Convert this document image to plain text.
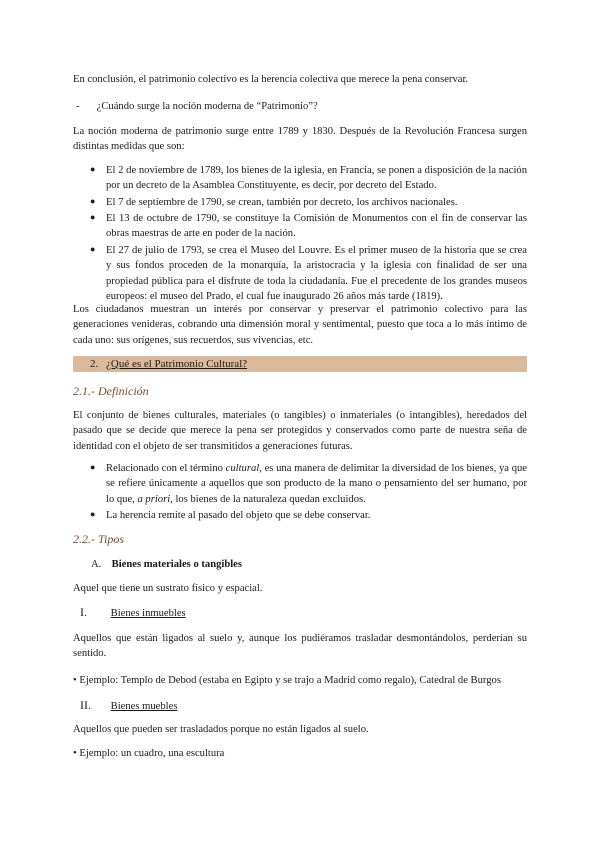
En conclusión, el patrimonio colectivo es la herencia colectiva que merece la pena conservar.

- ¿Cuándo surge la noción moderna de “Patrimonio”?

La noción moderna de patrimonio surge entre 1789 y 1830. Después de la Revolución Francesa surgen distintas medidas que son:

● El 2 de noviembre de 1789, los bienes de la iglesia, en Francia, se ponen a disposición de la nación por un decreto de la Asamblea Constituyente, es decir, por decreto del Estado.
● El 7 de septiembre de 1790, se crean, también por decreto, los archivos nacionales.
● El 13 de octubre de 1790, se constituye la Comisión de Monumentos con el fin de conservar las obras maestras de arte en poder de la nación.
● El 27 de julio de 1793, se crea el Museo del Louvre. Es el primer museo de la historia que se crea y sus fondos proceden de la monarquía, la aristocracia y la iglesia con finalidad de ser una propiedad pública para el disfrute de toda la ciudadanía. Fue el precedente de los grandes museos europeos: el museo del Prado, el cual fue inaugurado 26 años más tarde (1819).

Los ciudadanos muestran un interés por conservar y preservar el patrimonio colectivo para las generaciones venideras, cobrando una dimensión moral y sentimental, puesto que toca a lo más íntimo de cada uno: sus orígenes, sus recuerdos, sus vivencias, etc.

2. ¿Qué es el Patrimonio Cultural?
2.1.- Definición

El conjunto de bienes culturales, materiales (o tangibles) o inmateriales (o intangibles), heredados del pasado que se decide que merece la pena ser protegidos y conservados como parte de nuestra seña de identidad con el objeto de ser transmitidos a generaciones futuras.

● Relacionado con el término cultural, es una manera de delimitar la diversidad de los bienes, ya que se refiere únicamente a aquellos que son producto de la mano o pensamiento del ser humano, por lo que, a priori, los bienes de la naturaleza quedan excluidos.
● La herencia remite al pasado del objeto que se debe conservar.
2.2.- Tipos
A. Bienes materiales o tangibles

Aquel que tiene un sustrato físico y espacial.

I. Bienes inmuebles

Aquellos que están ligados al suelo y, aunque los pudiéramos trasladar desmontándolos, perderían su sentido.

• Ejemplo: Templo de Debod (estaba en Egipto y se trajo a Madrid como regalo), Catedral de Burgos

II. Bienes muebles

Aquellos que pueden ser trasladados porque no están ligados al suelo.

• Ejemplo: un cuadro, una escultura
